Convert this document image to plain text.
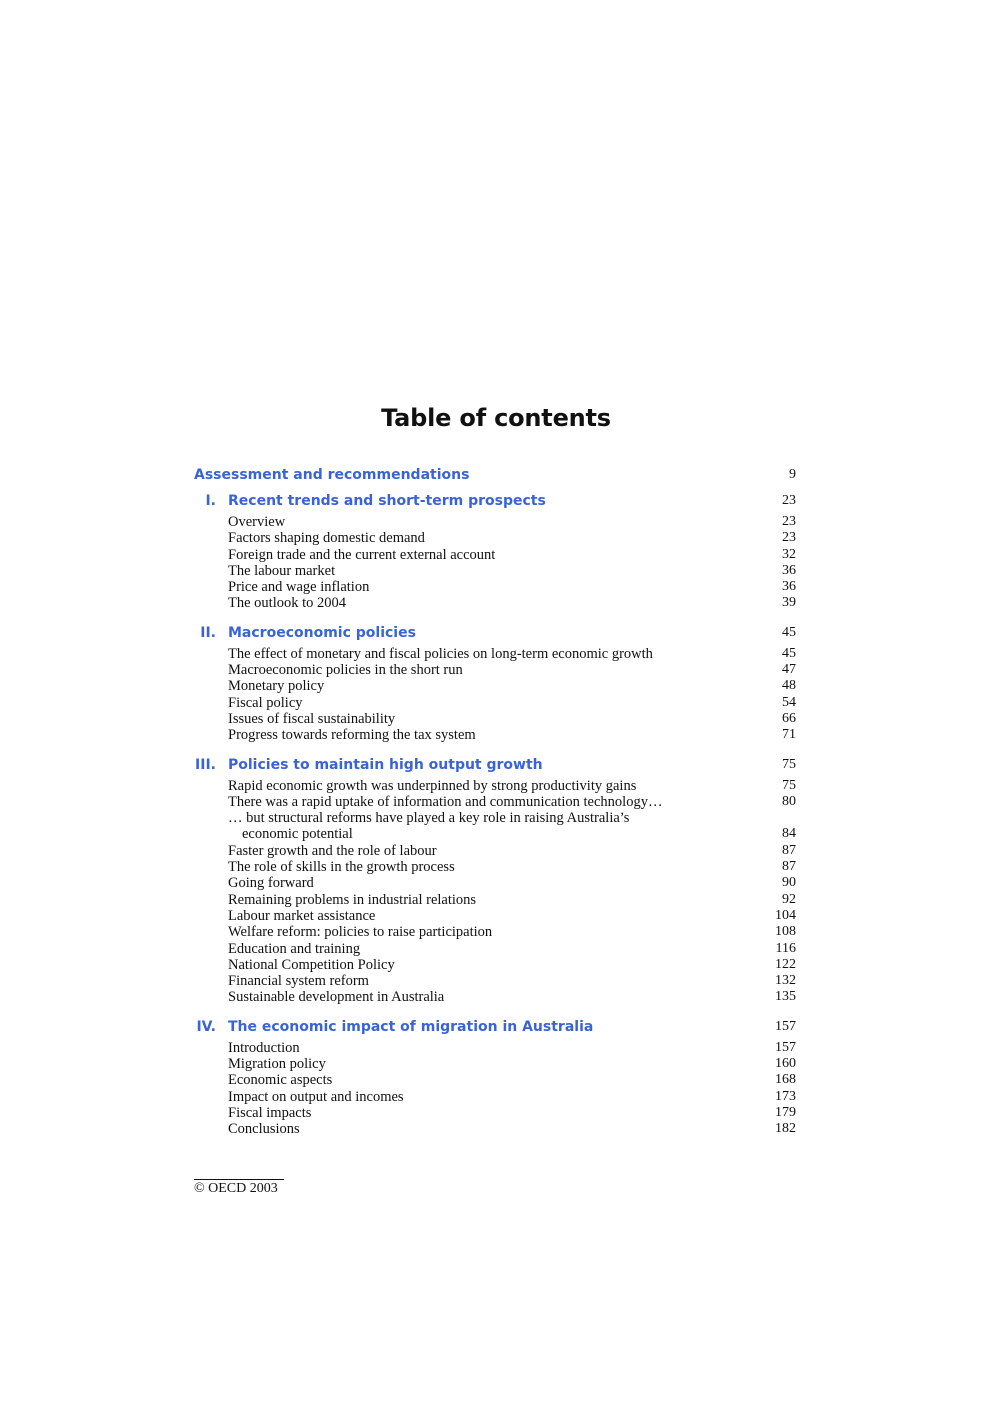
Table of contents
Assessment and recommendations	9
I. Recent trends and short-term prospects	23
Overview	23
Factors shaping domestic demand	23
Foreign trade and the current external account	32
The labour market	36
Price and wage inflation	36
The outlook to 2004	39
II. Macroeconomic policies	45
The effect of monetary and fiscal policies on long-term economic growth	45
Macroeconomic policies in the short run	47
Monetary policy	48
Fiscal policy	54
Issues of fiscal sustainability	66
Progress towards reforming the tax system	71
III. Policies to maintain high output growth	75
Rapid economic growth was underpinned by strong productivity gains	75
There was a rapid uptake of information and communication technology…	80
… but structural reforms have played a key role in raising Australia’s
economic potential	84
Faster growth and the role of labour	87
The role of skills in the growth process	87
Going forward	90
Remaining problems in industrial relations	92
Labour market assistance	104
Welfare reform: policies to raise participation	108
Education and training	116
National Competition Policy	122
Financial system reform	132
Sustainable development in Australia	135
IV. The economic impact of migration in Australia	157
Introduction	157
Migration policy	160
Economic aspects	168
Impact on output and incomes	173
Fiscal impacts	179
Conclusions	182
© OECD 2003
